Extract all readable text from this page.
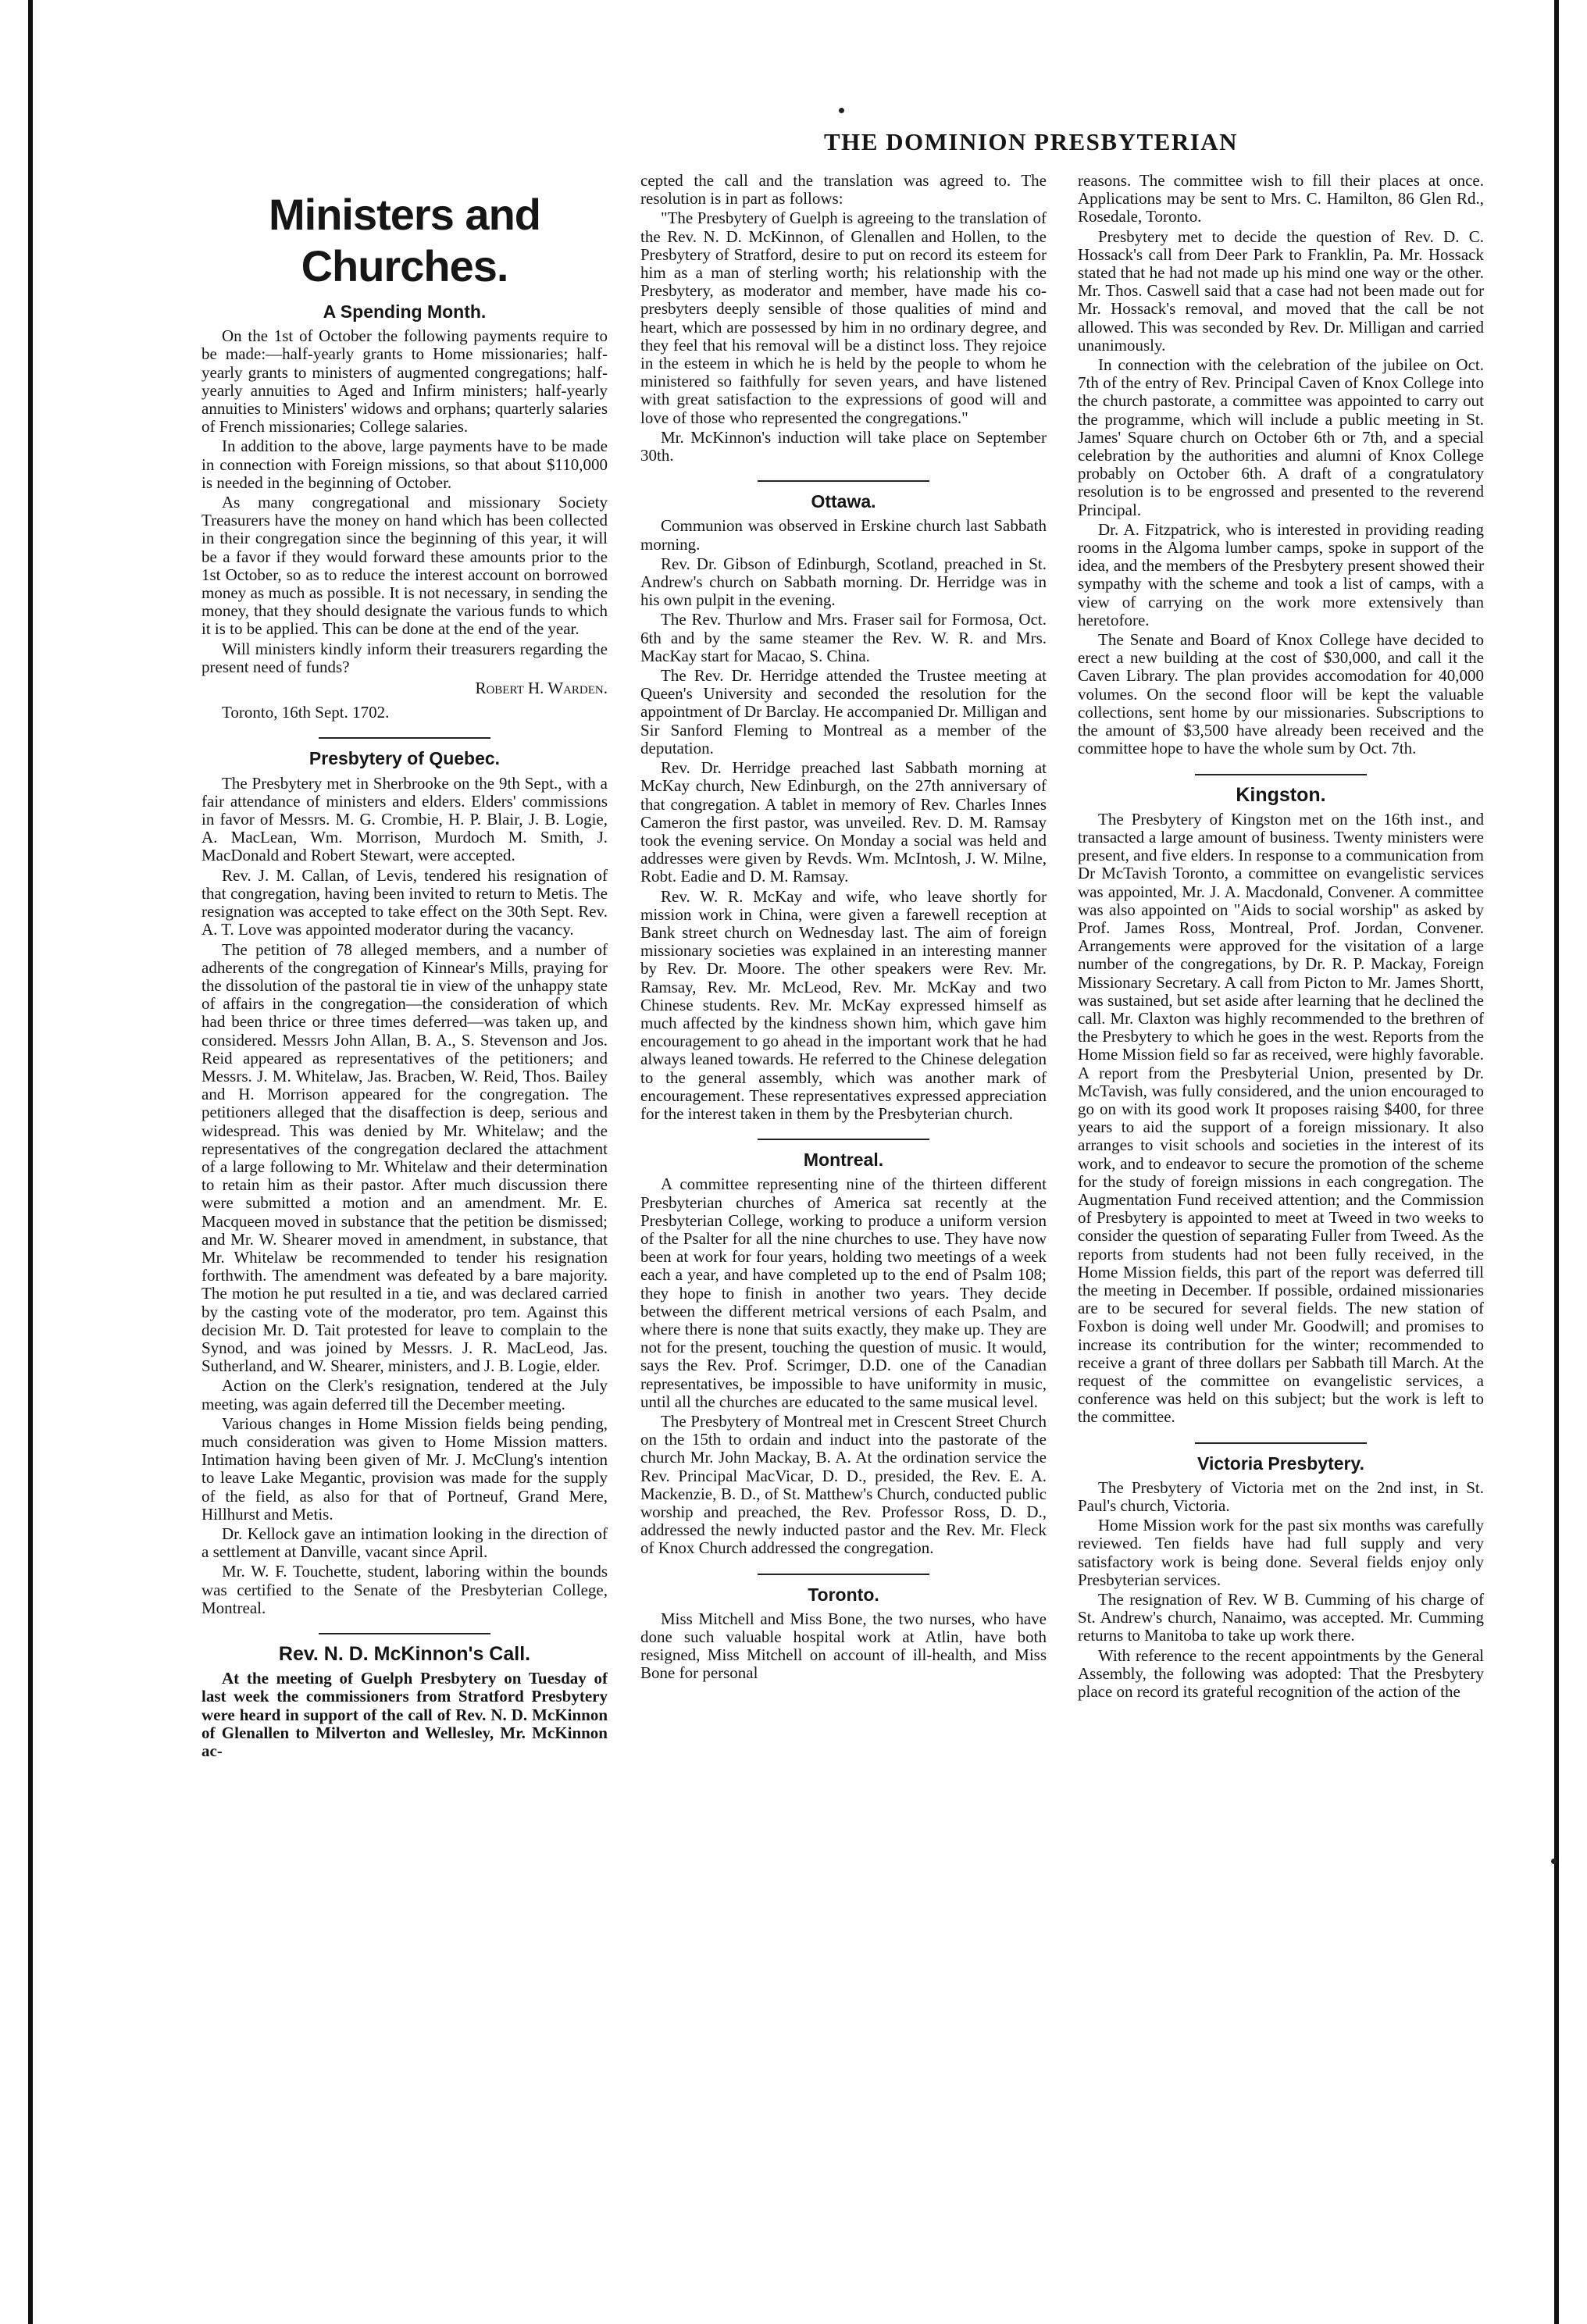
THE DOMINION PRESBYTERIAN
Ministers and Churches.
A Spending Month.

On the 1st of October the following payments require to be made:—half-yearly grants to Home missionaries; half-yearly grants to ministers of augmented congregations; half-yearly annuities to Aged and Infirm ministers; half-yearly annuities to Ministers' widows and orphans; quarterly salaries of French missionaries; College salaries.

In addition to the above, large payments have to be made in connection with Foreign missions, so that about $110,000 is needed in the beginning of October.

As many congregational and missionary Society Treasurers have the money on hand which has been collected in their congregation since the beginning of this year, it will be a favor if they would forward these amounts prior to the 1st October, so as to reduce the interest account on borrowed money as much as possible. It is not necessary, in sending the money, that they should designate the various funds to which it is to be applied. This can be done at the end of the year.

Will ministers kindly inform their treasurers regarding the present need of funds?

Robert H. Warden.

Toronto, 16th Sept. 1702.

Presbytery of Quebec.

The Presbytery met in Sherbrooke on the 9th Sept., with a fair attendance of ministers and elders. Elders' commissions in favor of Messrs. M. G. Crombie, H. P. Blair, J. B. Logie, A. MacLean, Wm. Morrison, Murdoch M. Smith, J. MacDonald and Robert Stewart, were accepted.

Rev. J. M. Callan, of Levis, tendered his resignation of that congregation, having been invited to return to Metis. The resignation was accepted to take effect on the 30th Sept. Rev. A. T. Love was appointed moderator during the vacancy.

The petition of 78 alleged members, and a number of adherents of the congregation of Kinnear's Mills, praying for the dissolution of the pastoral tie in view of the unhappy state of affairs in the congregation—the consideration of which had been thrice or three times deferred—was taken up, and considered. Messrs John Allan, B. A., S. Stevenson and Jos. Reid appeared as representatives of the petitioners; and Messrs. J. M. Whitelaw, Jas. Bracben, W. Reid, Thos. Bailey and H. Morrison appeared for the congregation. The petitioners alleged that the disaffection is deep, serious and widespread. This was denied by Mr. Whitelaw; and the representatives of the congregation declared the attachment of a large following to Mr. Whitelaw and their determination to retain him as their pastor. After much discussion there were submitted a motion and an amendment. Mr. E. Macqueen moved in substance that the petition be dismissed; and Mr. W. Shearer moved in amendment, in substance, that Mr. Whitelaw be recommended to tender his resignation forthwith. The amendment was defeated by a bare majority. The motion he put resulted in a tie, and was declared carried by the casting vote of the moderator, pro tem. Against this decision Mr. D. Tait protested for leave to complain to the Synod, and was joined by Messrs. J. R. MacLeod, Jas. Sutherland, and W. Shearer, ministers, and J. B. Logie, elder.

Action on the Clerk's resignation, tendered at the July meeting, was again deferred till the December meeting.

Various changes in Home Mission fields being pending, much consideration was given to Home Mission matters. Intimation having been given of Mr. J. McClung's intention to leave Lake Megantic, provision was made for the supply of the field, as also for that of Portneuf, Grand Mere, Hillhurst and Metis.

Dr. Kellock gave an intimation looking in the direction of a settlement at Danville, vacant since April.

Mr. W. F. Touchette, student, laboring within the bounds was certified to the Senate of the Presbyterian College, Montreal.

Rev. N. D. McKinnon's Call.

At the meeting of Guelph Presbytery on Tuesday of last week the commissioners from Stratford Presbytery were heard in support of the call of Rev. N. D. McKinnon of Glenallen to Milverton and Wellesley, Mr. McKinnon ac-

cepted the call and the translation was agreed to. The resolution is in part as follows:

"The Presbytery of Guelph is agreeing to the translation of the Rev. N. D. McKinnon, of Glenallen and Hollen, to the Presbytery of Stratford, desire to put on record its esteem for him as a man of sterling worth; his relationship with the Presbytery, as moderator and member, have made his co-presbyters deeply sensible of those qualities of mind and heart, which are possessed by him in no ordinary degree, and they feel that his removal will be a distinct loss. They rejoice in the esteem in which he is held by the people to whom he ministered so faithfully for seven years, and have listened with great satisfaction to the expressions of good will and love of those who represented the congregations."

Mr. McKinnon's induction will take place on September 30th.

Ottawa.

Communion was observed in Erskine church last Sabbath morning.

Rev. Dr. Gibson of Edinburgh, Scotland, preached in St. Andrew's church on Sabbath morning. Dr. Herridge was in his own pulpit in the evening.

The Rev. Thurlow and Mrs. Fraser sail for Formosa, Oct. 6th and by the same steamer the Rev. W. R. and Mrs. MacKay start for Macao, S. China.

The Rev. Dr. Herridge attended the Trustee meeting at Queen's University and seconded the resolution for the appointment of Dr Barclay. He accompanied Dr. Milligan and Sir Sanford Fleming to Montreal as a member of the deputation.

Rev. Dr. Herridge preached last Sabbath morning at McKay church, New Edinburgh, on the 27th anniversary of that congregation. A tablet in memory of Rev. Charles Innes Cameron the first pastor, was unveiled. Rev. D. M. Ramsay took the evening service. On Monday a social was held and addresses were given by Revds. Wm. McIntosh, J. W. Milne, Robt. Eadie and D. M. Ramsay.

Rev. W. R. McKay and wife, who leave shortly for mission work in China, were given a farewell reception at Bank street church on Wednesday last. The aim of foreign missionary societies was explained in an interesting manner by Rev. Dr. Moore. The other speakers were Rev. Mr. Ramsay, Rev. Mr. McLeod, Rev. Mr. McKay and two Chinese students. Rev. Mr. McKay expressed himself as much affected by the kindness shown him, which gave him encouragement to go ahead in the important work that he had always leaned towards. He referred to the Chinese delegation to the general assembly, which was another mark of encouragement. These representatives expressed appreciation for the interest taken in them by the Presbyterian church.

Montreal.

A committee representing nine of the thirteen different Presbyterian churches of America sat recently at the Presbyterian College, working to produce a uniform version of the Psalter for all the nine churches to use. They have now been at work for four years, holding two meetings of a week each a year, and have completed up to the end of Psalm 108; they hope to finish in another two years. They decide between the different metrical versions of each Psalm, and where there is none that suits exactly, they make up. They are not for the present, touching the question of music. It would, says the Rev. Prof. Scrimger, D.D. one of the Canadian representatives, be impossible to have uniformity in music, until all the churches are educated to the same musical level.

The Presbytery of Montreal met in Crescent Street Church on the 15th to ordain and induct into the pastorate of the church Mr. John Mackay, B. A. At the ordination service the Rev. Principal MacVicar, D. D., presided, the Rev. E. A. Mackenzie, B. D., of St. Matthew's Church, conducted public worship and preached, the Rev. Professor Ross, D. D., addressed the newly inducted pastor and the Rev. Mr. Fleck of Knox Church addressed the congregation.

Toronto.

Miss Mitchell and Miss Bone, the two nurses, who have done such valuable hospital work at Atlin, have both resigned, Miss Mitchell on account of ill-health, and Miss Bone for personal

reasons. The committee wish to fill their places at once. Applications may be sent to Mrs. C. Hamilton, 86 Glen Rd., Rosedale, Toronto.

Presbytery met to decide the question of Rev. D. C. Hossack's call from Deer Park to Franklin, Pa. Mr. Hossack stated that he had not made up his mind one way or the other. Mr. Thos. Caswell said that a case had not been made out for Mr. Hossack's removal, and moved that the call be not allowed. This was seconded by Rev. Dr. Milligan and carried unanimously.

In connection with the celebration of the jubilee on Oct. 7th of the entry of Rev. Principal Caven of Knox College into the church pastorate, a committee was appointed to carry out the programme, which will include a public meeting in St. James' Square church on October 6th or 7th, and a special celebration by the authorities and alumni of Knox College probably on October 6th. A draft of a congratulatory resolution is to be engrossed and presented to the reverend Principal.

Dr. A. Fitzpatrick, who is interested in providing reading rooms in the Algoma lumber camps, spoke in support of the idea, and the members of the Presbytery present showed their sympathy with the scheme and took a list of camps, with a view of carrying on the work more extensively than heretofore.

The Senate and Board of Knox College have decided to erect a new building at the cost of $30,000, and call it the Caven Library. The plan provides accomodation for 40,000 volumes. On the second floor will be kept the valuable collections, sent home by our missionaries. Subscriptions to the amount of $3,500 have already been received and the committee hope to have the whole sum by Oct. 7th.

Kingston.

The Presbytery of Kingston met on the 16th inst., and transacted a large amount of business. Twenty ministers were present, and five elders. In response to a communication from Dr McTavish Toronto, a committee on evangelistic services was appointed, Mr. J. A. Macdonald, Convener. A committee was also appointed on "Aids to social worship" as asked by Prof. James Ross, Montreal, Prof. Jordan, Convener. Arrangements were approved for the visitation of a large number of the congregations, by Dr. R. P. Mackay, Foreign Missionary Secretary. A call from Picton to Mr. James Shortt, was sustained, but set aside after learning that he declined the call. Mr. Claxton was highly recommended to the brethren of the Presbytery to which he goes in the west. Reports from the Home Mission field so far as received, were highly favorable. A report from the Presbyterial Union, presented by Dr. McTavish, was fully considered, and the union encouraged to go on with its good work It proposes raising $400, for three years to aid the support of a foreign missionary. It also arranges to visit schools and societies in the interest of its work, and to endeavor to secure the promotion of the scheme for the study of foreign missions in each congregation. The Augmentation Fund received attention; and the Commission of Presbytery is appointed to meet at Tweed in two weeks to consider the question of separating Fuller from Tweed. As the reports from students had not been fully received, in the Home Mission fields, this part of the report was deferred till the meeting in December. If possible, ordained missionaries are to be secured for several fields. The new station of Foxbon is doing well under Mr. Goodwill; and promises to increase its contribution for the winter; recommended to receive a grant of three dollars per Sabbath till March. At the request of the committee on evangelistic services, a conference was held on this subject; but the work is left to the committee.

Victoria Presbytery.

The Presbytery of Victoria met on the 2nd inst, in St. Paul's church, Victoria.

Home Mission work for the past six months was carefully reviewed. Ten fields have had full supply and very satisfactory work is being done. Several fields enjoy only Presbyterian services.

The resignation of Rev. W B. Cumming of his charge of St. Andrew's church, Nanaimo, was accepted. Mr. Cumming returns to Manitoba to take up work there.

With reference to the recent appointments by the General Assembly, the following was adopted: That the Presbytery place on record its grateful recognition of the action of the
